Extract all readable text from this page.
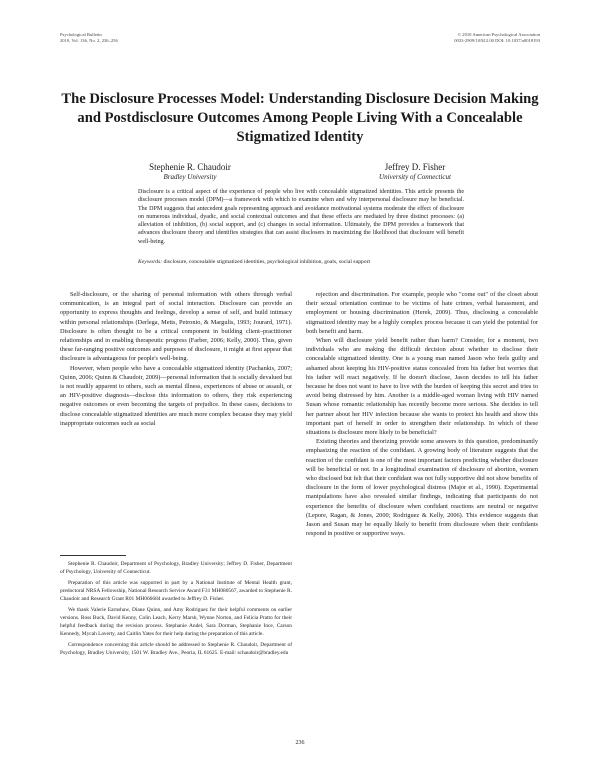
Psychological Bulletin
2010, Vol. 136, No. 2, 236–256
© 2010 American Psychological Association
0033-2909/10/$12.00 DOI: 10.1037/a0018193
The Disclosure Processes Model: Understanding Disclosure Decision Making and Postdisclosure Outcomes Among People Living With a Concealable Stigmatized Identity
Stephenie R. Chaudoir
Bradley University
Jeffrey D. Fisher
University of Connecticut

Disclosure is a critical aspect of the experience of people who live with concealable stigmatized identities. This article presents the disclosure processes model (DPM)—a framework with which to examine when and why interpersonal disclosure may be beneficial. The DPM suggests that antecedent goals representing approach and avoidance motivational systems moderate the effect of disclosure on numerous individual, dyadic, and social contextual outcomes and that these effects are mediated by three distinct processes: (a) alleviation of inhibition, (b) social support, and (c) changes in social information. Ultimately, the DPM provides a framework that advances disclosure theory and identifies strategies that can assist disclosers in maximizing the likelihood that disclosure will benefit well-being.

Keywords: disclosure, concealable stigmatized identities, psychological inhibition, goals, social support

Self-disclosure, or the sharing of personal information with others through verbal communication, is an integral part of social interaction. Disclosure can provide an opportunity to express thoughts and feelings, develop a sense of self, and build intimacy within personal relationships (Derlega, Metts, Petronio, & Margulis, 1993; Jourard, 1971). Disclosure is often thought to be a critical component in building client–practitioner relationships and in enabling therapeutic progress (Farber, 2006; Kelly, 2000). Thus, given these far-ranging positive outcomes and purposes of disclosure, it might at first appear that disclosure is advantageous for people's well-being.

However, when people who have a concealable stigmatized identity (Pachankis, 2007; Quinn, 2006; Quinn & Chaudoir, 2009)—personal information that is socially devalued but is not readily apparent to others, such as mental illness, experiences of abuse or assault, or an HIV-positive diagnosis—disclose this information to others, they risk experiencing negative outcomes or even becoming the targets of prejudice. In these cases, decisions to disclose concealable stigmatized identities are much more complex because they may yield inappropriate outcomes such as social

rejection and discrimination. For example, people who "come out" of the closet about their sexual orientation continue to be victims of hate crimes, verbal harassment, and employment or housing discrimination (Herek, 2009). Thus, disclosing a concealable stigmatized identity may be a highly complex process because it can yield the potential for both benefit and harm.

When will disclosure yield benefit rather than harm? Consider, for a moment, two individuals who are making the difficult decision about whether to disclose their concealable stigmatized identity. One is a young man named Jason who feels guilty and ashamed about keeping his HIV-positive status concealed from his father but worries that his father will react negatively. If he doesn't disclose, Jason decides to tell his father because he does not want to have to live with the burden of keeping this secret and tries to avoid being distressed by him. Another is a middle-aged woman living with HIV named Susan whose romantic relationship has recently become more serious. She decides to tell her partner about her HIV infection because she wants to protect his health and show this important part of herself in order to strengthen their relationship. In which of these situations is disclosure more likely to be beneficial?

Existing theories and theorizing provide some answers to this question, predominantly emphasizing the reaction of the confidant. A growing body of literature suggests that the reaction of the confidant is one of the most important factors predicting whether disclosure will be beneficial or not. In a longitudinal examination of disclosure of abortion, women who disclosed but felt that their confidant was not fully supportive did not show benefits of disclosure in the form of lower psychological distress (Major et al., 1990). Experimental manipulations have also revealed similar findings, indicating that participants do not experience the benefits of disclosure when confidant reactions are neutral or negative (Lepore, Ragan, & Jones, 2000; Rodriguez & Kelly, 2006). This evidence suggests that Jason and Susan may be equally likely to benefit from disclosure when their confidants respond in positive or supportive ways.

Stephenie R. Chaudoir, Department of Psychology, Bradley University; Jeffrey D. Fisher, Department of Psychology, University of Connecticut.

Preparation of this article was supported in part by a National Institute of Mental Health grant, predoctoral NRSA Fellowship, National Research Service Award F31 MH080567, awarded to Stephenie R. Chaudoir and Research Grant R01 MH066684 awarded to Jeffrey D. Fisher.

We thank Valerie Earnshaw, Diane Quinn, and Amy Rodriguez for their helpful comments on earlier versions. Ross Buck, David Kenny, Colin Leach, Kerry Marsh, Wynne Norton, and Felicia Pratto for their helpful feedback during the revision process. Stephanie Andel, Sara Dorman, Stephanie Ince, Carson Kennedy, Mycah Laverty, and Caitlin Yates for their help during the preparation of this article.

Correspondence concerning this article should be addressed to Stephenie R. Chaudoir, Department of Psychology, Bradley University, 1501 W. Bradley Ave., Peoria, IL 61625. E-mail: schaudoir@bradley.edu

236
